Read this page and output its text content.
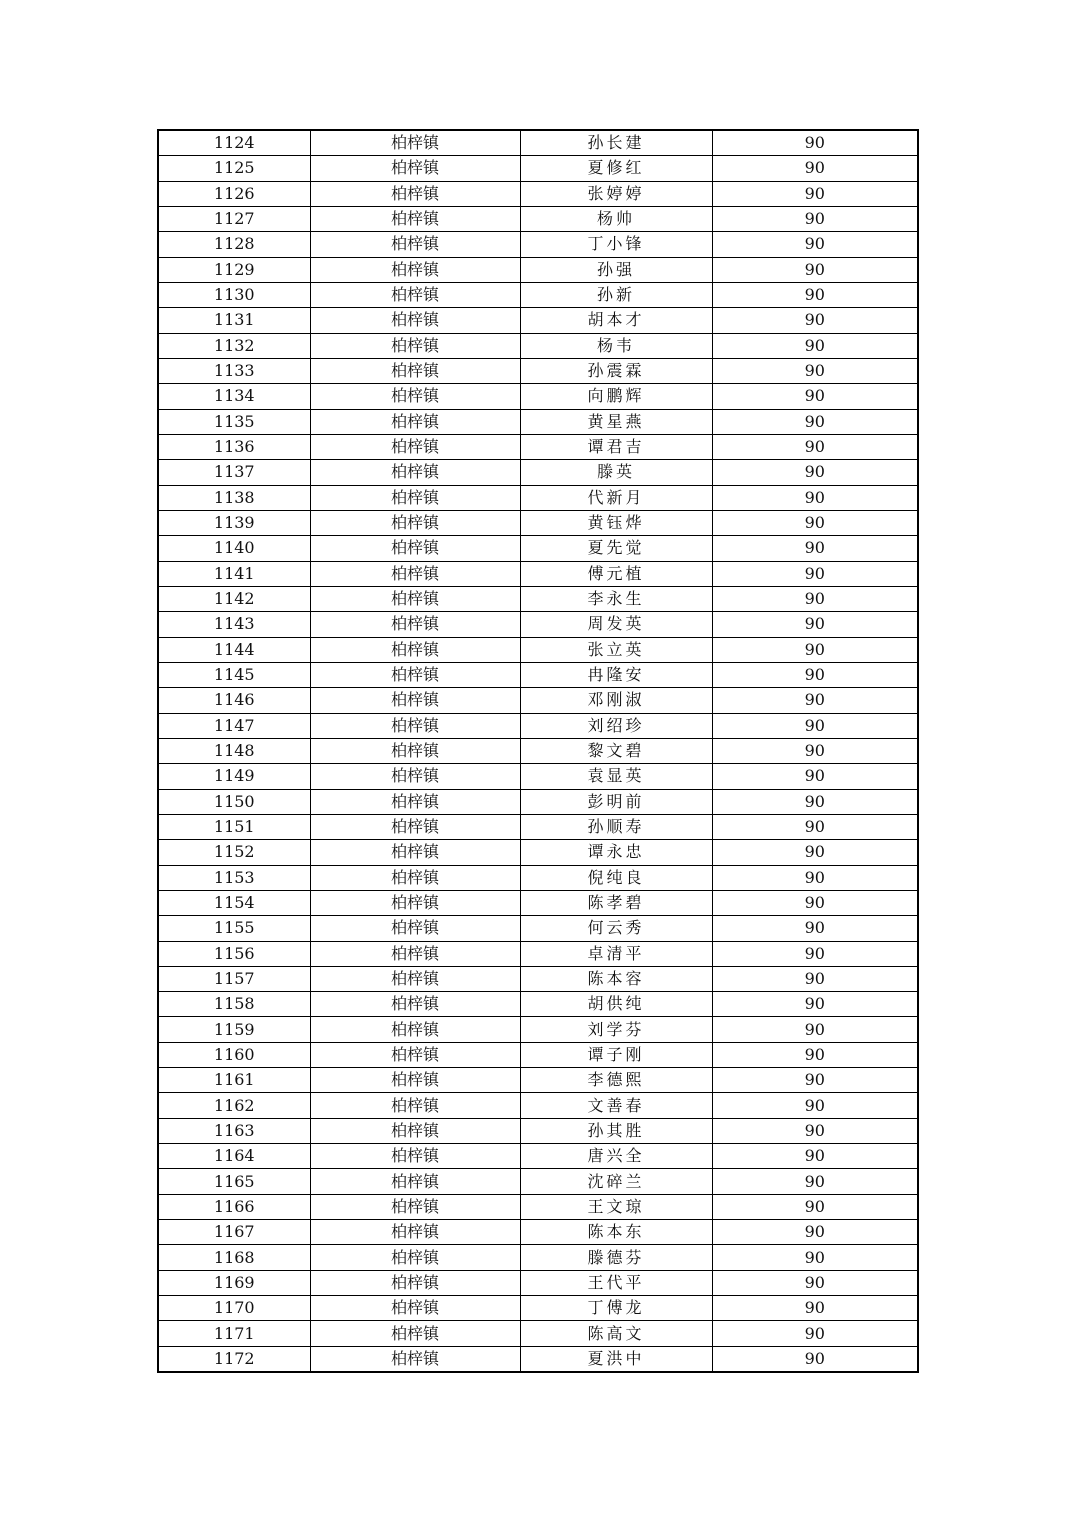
1124	柏梓镇	孙长建	90
1125	柏梓镇	夏修红	90
1126	柏梓镇	张婷婷	90
1127	柏梓镇	杨帅	90
1128	柏梓镇	丁小锋	90
1129	柏梓镇	孙强	90
1130	柏梓镇	孙新	90
1131	柏梓镇	胡本才	90
1132	柏梓镇	杨韦	90
1133	柏梓镇	孙震霖	90
1134	柏梓镇	向鹏辉	90
1135	柏梓镇	黄星燕	90
1136	柏梓镇	谭君吉	90
1137	柏梓镇	滕英	90
1138	柏梓镇	代新月	90
1139	柏梓镇	黄钰烨	90
1140	柏梓镇	夏先觉	90
1141	柏梓镇	傅元植	90
1142	柏梓镇	李永生	90
1143	柏梓镇	周发英	90
1144	柏梓镇	张立英	90
1145	柏梓镇	冉隆安	90
1146	柏梓镇	邓刚淑	90
1147	柏梓镇	刘绍珍	90
1148	柏梓镇	黎文碧	90
1149	柏梓镇	袁显英	90
1150	柏梓镇	彭明前	90
1151	柏梓镇	孙顺寿	90
1152	柏梓镇	谭永忠	90
1153	柏梓镇	倪纯良	90
1154	柏梓镇	陈孝碧	90
1155	柏梓镇	何云秀	90
1156	柏梓镇	卓清平	90
1157	柏梓镇	陈本容	90
1158	柏梓镇	胡供纯	90
1159	柏梓镇	刘学芬	90
1160	柏梓镇	谭子刚	90
1161	柏梓镇	李德熙	90
1162	柏梓镇	文善春	90
1163	柏梓镇	孙其胜	90
1164	柏梓镇	唐兴全	90
1165	柏梓镇	沈碎兰	90
1166	柏梓镇	王文琼	90
1167	柏梓镇	陈本东	90
1168	柏梓镇	滕德芬	90
1169	柏梓镇	王代平	90
1170	柏梓镇	丁傅龙	90
1171	柏梓镇	陈高文	90
1172	柏梓镇	夏洪中	90
